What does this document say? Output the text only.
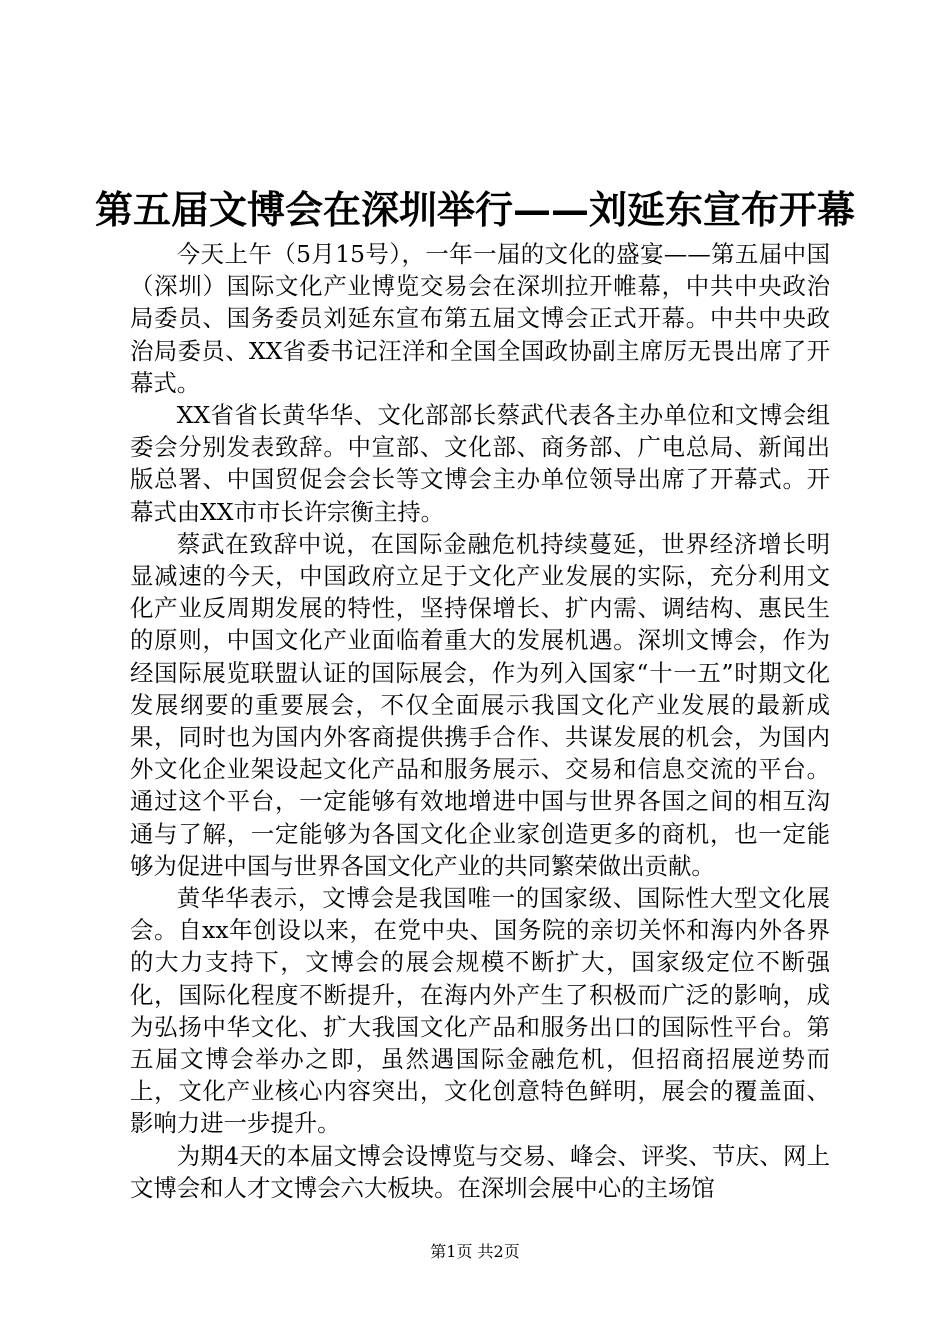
第五届文博会在深圳举行——刘延东宣布开幕

今天上午（5月15号），一年一届的文化的盛宴——第五届中国（深圳）国际文化产业博览交易会在深圳拉开帷幕，中共中央政治局委员、国务委员刘延东宣布第五届文博会正式开幕。中共中央政治局委员、XX省委书记汪洋和全国全国政协副主席厉无畏出席了开幕式。

XX省省长黄华华、文化部部长蔡武代表各主办单位和文博会组委会分别发表致辞。中宣部、文化部、商务部、广电总局、新闻出版总署、中国贸促会会长等文博会主办单位领导出席了开幕式。开幕式由XX市市长许宗衡主持。

蔡武在致辞中说，在国际金融危机持续蔓延，世界经济增长明显减速的今天，中国政府立足于文化产业发展的实际，充分利用文化产业反周期发展的特性，坚持保增长、扩内需、调结构、惠民生的原则，中国文化产业面临着重大的发展机遇。深圳文博会，作为经国际展览联盟认证的国际展会，作为列入国家“十一五”时期文化发展纲要的重要展会，不仅全面展示我国文化产业发展的最新成果，同时也为国内外客商提供携手合作、共谋发展的机会，为国内外文化企业架设起文化产品和服务展示、交易和信息交流的平台。通过这个平台，一定能够有效地增进中国与世界各国之间的相互沟通与了解，一定能够为各国文化企业家创造更多的商机，也一定能够为促进中国与世界各国文化产业的共同繁荣做出贡献。

黄华华表示，文博会是我国唯一的国家级、国际性大型文化展会。自xx年创设以来，在党中央、国务院的亲切关怀和海内外各界的大力支持下，文博会的展会规模不断扩大，国家级定位不断强化，国际化程度不断提升，在海内外产生了积极而广泛的影响，成为弘扬中华文化、扩大我国文化产品和服务出口的国际性平台。第五届文博会举办之即，虽然遇国际金融危机，但招商招展逆势而上，文化产业核心内容突出，文化创意特色鲜明，展会的覆盖面、影响力进一步提升。

为期4天的本届文博会设博览与交易、峰会、评奖、节庆、网上文博会和人才文博会六大板块。在深圳会展中心的主场馆

第1页 共2页
